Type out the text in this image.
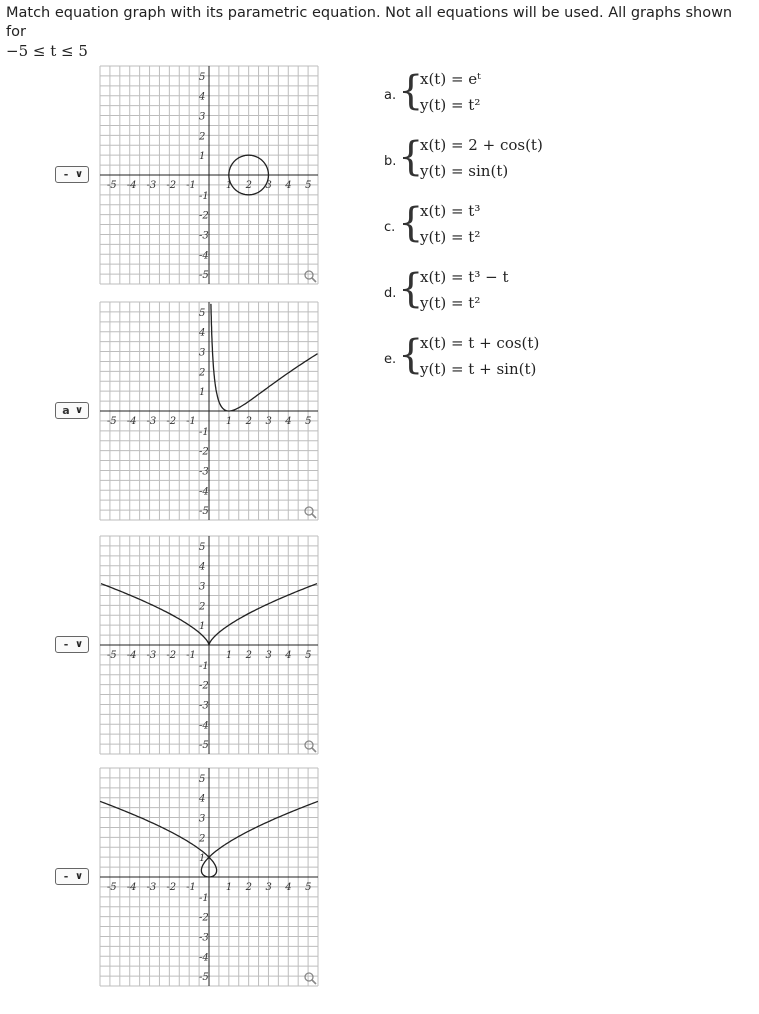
Match equation graph with its parametric equation. Not all equations will be used. All graphs shown for
−5 ≤ t ≤ 5
- ∨
-5 -4 -3 -2 -1	1 2 3 4 5
5
4
3
2
1
-1
-2
-3
-4
-5
a ∨
-5 -4 -3 -2 -1	1 2 3 4 5
5
4
3
2
1
-1
-2
-3
-4
-5
- ∨
-5 -4 -3 -2 -1	1 2 3 4 5
5
4
3
2
1
-1
-2
-3
-4
-5
- ∨
-5 -4 -3 -2 -1	1 2 3 4 5
5
4
3
2
1
-1
-2
-3
-4
-5
a. {
x(t) = eᵗ
y(t) = t²
b. {
x(t) = 2 + cos(t)
y(t) = sin(t)
c. {
x(t) = t³
y(t) = t²
d. {
x(t) = t³ − t
y(t) = t²
e. {
x(t) = t + cos(t)
y(t) = t + sin(t)
